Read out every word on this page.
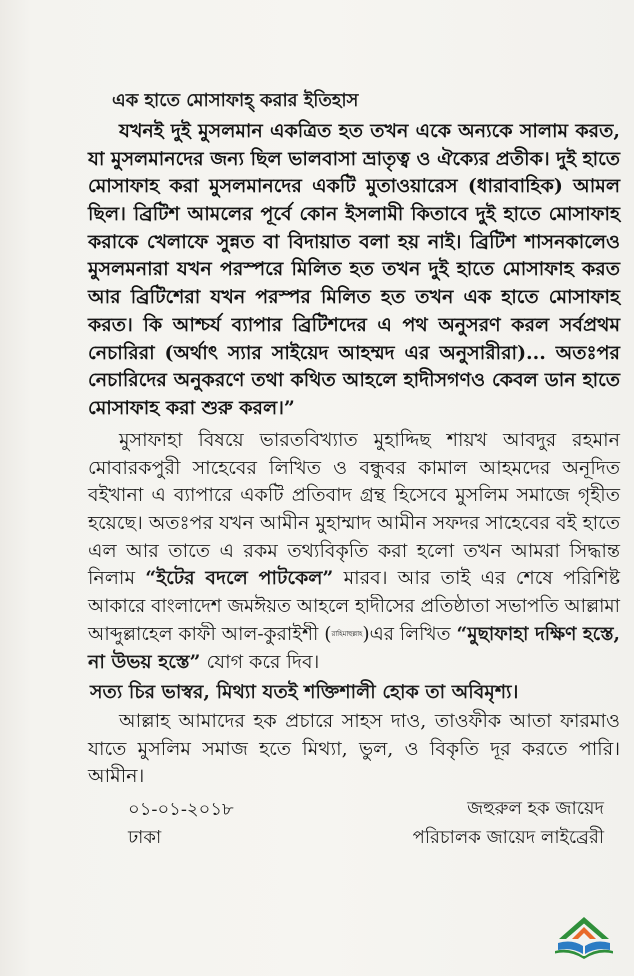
এক হাতে মোসাফাহ্ করার ইতিহাস
যখনই দুই মুসলমান একত্রিত হত তখন একে অন্যকে সালাম করত,
যা মুসলমানদের জন্য ছিল ভালবাসা ভ্রাতৃত্ব ও ঐক্যের প্রতীক। দুই হাতে
মোসাফাহ করা মুসলমানদের একটি মুতাওয়ারেস (ধারাবাহিক) আমল
ছিল। ব্রিটিশ আমলের পূর্বে কোন ইসলামী কিতাবে দুই হাতে মোসাফাহ
করাকে খেলাফে সুন্নত বা বিদায়াত বলা হয় নাই। ব্রিটিশ শাসনকালেও
মুসলমনারা যখন পরস্পরে মিলিত হত তখন দুই হাতে মোসাফাহ করত
আর ব্রিটিশেরা যখন পরস্পর মিলিত হত তখন এক হাতে মোসাফাহ
করত। কি আশ্চর্য ব্যাপার ব্রিটিশদের এ পথ অনুসরণ করল সর্বপ্রথম
নেচারিরা (অর্থাৎ স্যার সাইয়েদ আহম্মদ এর অনুসারীরা)... অতঃপর
নেচারিদের অনুকরণে তথা কথিত আহলে হাদীসগণও কেবল ডান হাতে
মোসাফাহ করা শুরু করল।”
মুসাফাহা বিষয়ে ভারতবিখ্যাত মুহাদ্দিছ শায়খ আবদুর রহমান
মোবারকপুরী সাহেবের লিখিত ও বন্ধুবর কামাল আহমদের অনূদিত
বইখানা এ ব্যাপারে একটি প্রতিবাদ গ্রন্থ হিসেবে মুসলিম সমাজে গৃহীত
হয়েছে। অতঃপর যখন আমীন মুহাম্মাদ আমীন সফদর সাহেবের বই হাতে
এল আর তাতে এ রকম তথ্যবিকৃতি করা হলো তখন আমরা সিদ্ধান্ত
নিলাম “ইটের বদলে পাটকেল” মারব। আর তাই এর শেষে পরিশিষ্ট
আকারে বাংলাদেশ জমঈয়ত আহলে হাদীসের প্রতিষ্ঠাতা সভাপতি আল্লামা
আব্দুল্লাহেল কাফী আল-কুরাইশী (রাহিমাহুল্লাহ)এর লিখিত “মুছাফাহা দক্ষিণ হস্তে,
না উভয় হস্তে” যোগ করে দিব।
সত্য চির ভাস্বর, মিথ্যা যতই শক্তিশালী হোক তা অবিমৃশ্য।
আল্লাহ আমাদের হক প্রচারে সাহস দাও, তাওফীক আতা ফারমাও
যাতে মুসলিম সমাজ হতে মিথ্যা, ভুল, ও বিকৃতি দূর করতে পারি।
আমীন।
০১-০১-২০১৮	জহুরুল হক জায়েদ
ঢাকা	পরিচালক জায়েদ লাইব্রেরী
